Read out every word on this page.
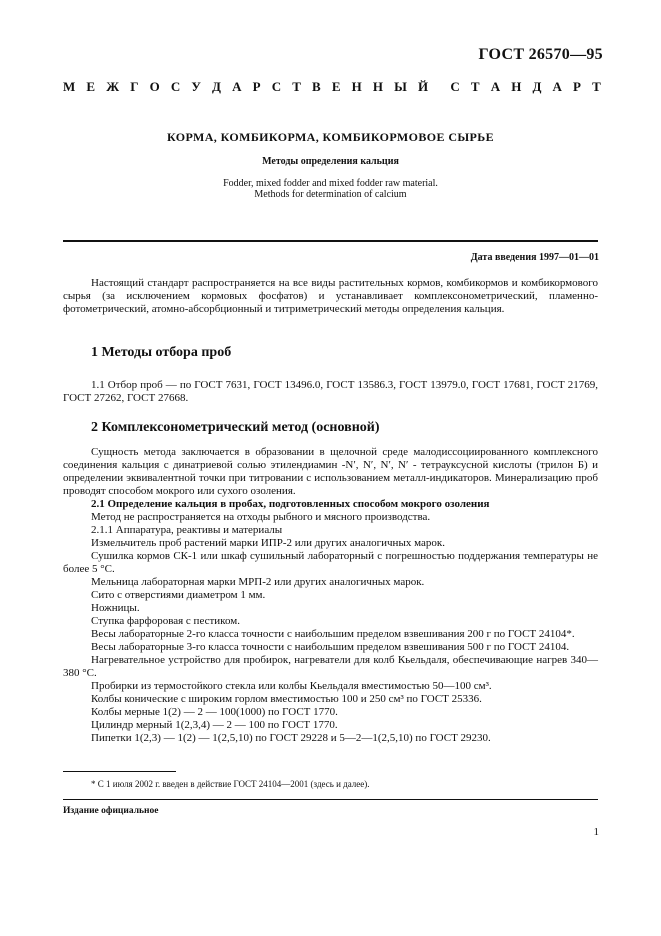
ГОСТ 26570—95
М Е Ж Г О С У Д А Р С Т В Е Н Н Ы Й С Т А Н Д А Р Т
КОРМА, КОМБИКОРМА, КОМБИКОРМОВОЕ СЫРЬЕ
Методы определения кальция
Fodder, mixed fodder and mixed fodder raw material.
Methods for determination of calcium
Дата введения 1997—01—01
Настоящий стандарт распространяется на все виды растительных кормов, комбикормов и комбикормового сырья (за исключением кормовых фосфатов) и устанавливает комплексонометрический, пламенно-фотометрический, атомно-абсорбционный и титриметрический методы определения кальция.
1 Методы отбора проб
1.1 Отбор проб — по ГОСТ 7631, ГОСТ 13496.0, ГОСТ 13586.3, ГОСТ 13979.0, ГОСТ 17681, ГОСТ 21769, ГОСТ 27262, ГОСТ 27668.
2 Комплексонометрический метод (основной)
Сущность метода заключается в образовании в щелочной среде малодиссоциированного комплексного соединения кальция с динатриевой солью этилендиамин -N′, N′, N′, N′ - тетрауксусной кислоты (трилон Б) и определении эквивалентной точки при титровании с использованием металл-индикаторов. Минерализацию проб проводят способом мокрого или сухого озоления.
2.1 Определение кальция в пробах, подготовленных способом мокрого озоления
Метод не распространяется на отходы рыбного и мясного производства.
2.1.1 Аппаратура, реактивы и материалы
Измельчитель проб растений марки ИПР-2 или других аналогичных марок.
Сушилка кормов СК-1 или шкаф сушильный лабораторный с погрешностью поддержания температуры не более 5 °С.
Мельница лабораторная марки МРП-2 или других аналогичных марок.
Сито с отверстиями диаметром 1 мм.
Ножницы.
Ступка фарфоровая с пестиком.
Весы лабораторные 2-го класса точности с наибольшим пределом взвешивания 200 г по ГОСТ 24104*.
Весы лабораторные 3-го класса точности с наибольшим пределом взвешивания 500 г по ГОСТ 24104.
Нагревательное устройство для пробирок, нагреватели для колб Кьельдаля, обеспечивающие нагрев 340—380 °С.
Пробирки из термостойкого стекла или колбы Кьельдаля вместимостью 50—100 см³.
Колбы конические с широким горлом вместимостью 100 и 250 см³ по ГОСТ 25336.
Колбы мерные 1(2) — 2 — 100(1000) по ГОСТ 1770.
Цилиндр мерный 1(2,3,4) — 2 — 100 по ГОСТ 1770.
Пипетки 1(2,3) — 1(2) — 1(2,5,10) по ГОСТ 29228 и 5—2—1(2,5,10) по ГОСТ 29230.
* С 1 июля 2002 г. введен в действие ГОСТ 24104—2001 (здесь и далее).
Издание официальное
1
